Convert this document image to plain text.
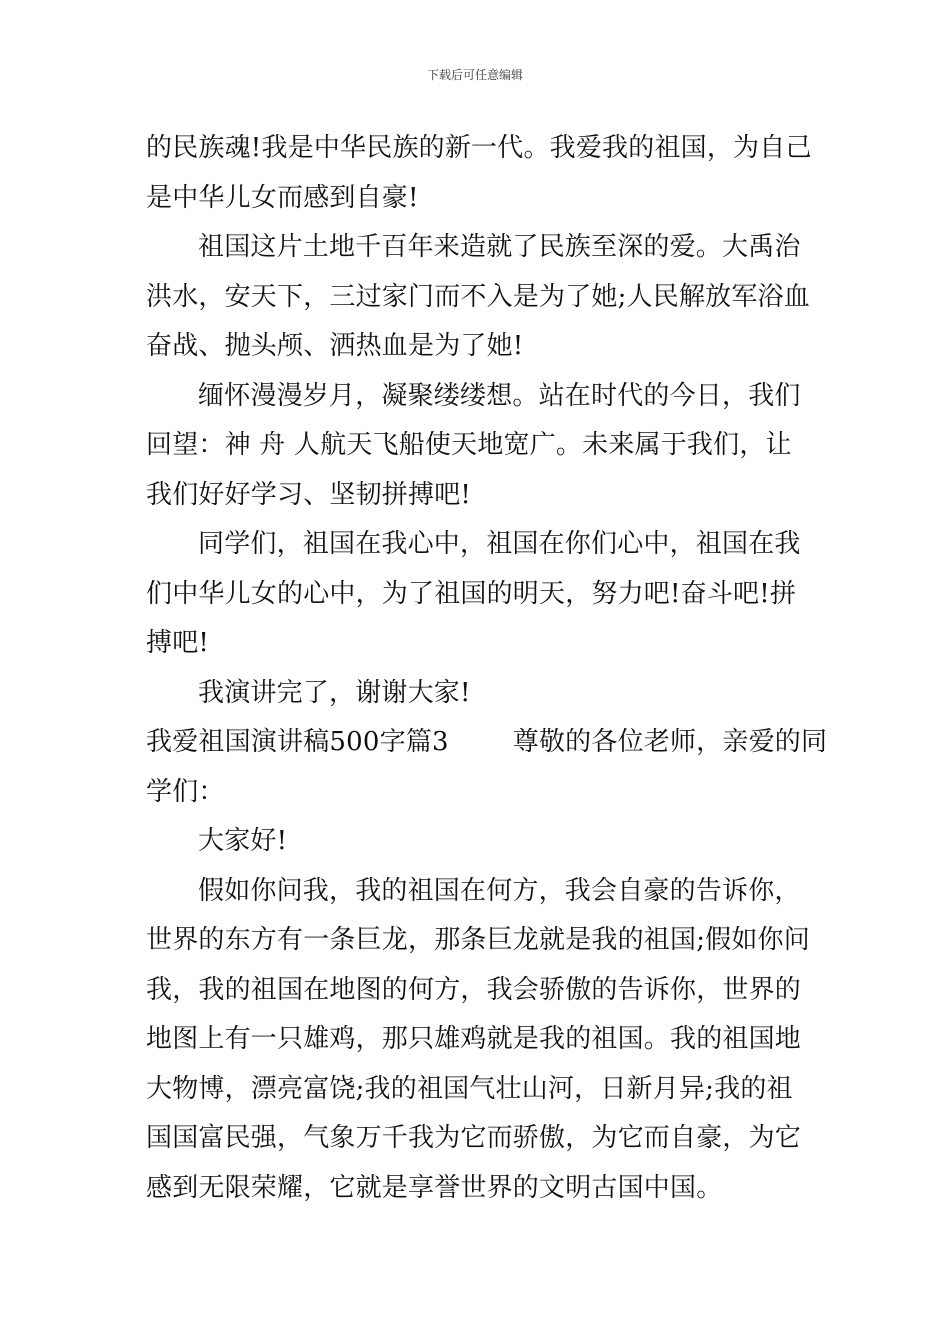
下载后可任意编辑
的民族魂!我是中华民族的新一代。我爱我的祖国，为自己
是中华儿女而感到自豪!
祖国这片土地千百年来造就了民族至深的爱。大禹治
洪水，安天下，三过家门而不入是为了她;人民解放军浴血
奋战、抛头颅、洒热血是为了她!
缅怀漫漫岁月，凝聚缕缕想。站在时代的今日，我们
回望：神 舟 人航天飞船使天地宽广。未来属于我们，让
我们好好学习、坚韧拼搏吧!
同学们，祖国在我心中，祖国在你们心中，祖国在我
们中华儿女的心中，为了祖国的明天，努力吧!奋斗吧!拼
搏吧!
我演讲完了，谢谢大家!
我爱祖国演讲稿500字篇3 尊敬的各位老师，亲爱的同
学们：
大家好!
假如你问我，我的祖国在何方，我会自豪的告诉你，
世界的东方有一条巨龙，那条巨龙就是我的祖国;假如你问
我，我的祖国在地图的何方，我会骄傲的告诉你，世界的
地图上有一只雄鸡，那只雄鸡就是我的祖国。我的祖国地
大物博，漂亮富饶;我的祖国气壮山河，日新月异;我的祖
国国富民强，气象万千我为它而骄傲，为它而自豪，为它
感到无限荣耀，它就是享誉世界的文明古国中国。
